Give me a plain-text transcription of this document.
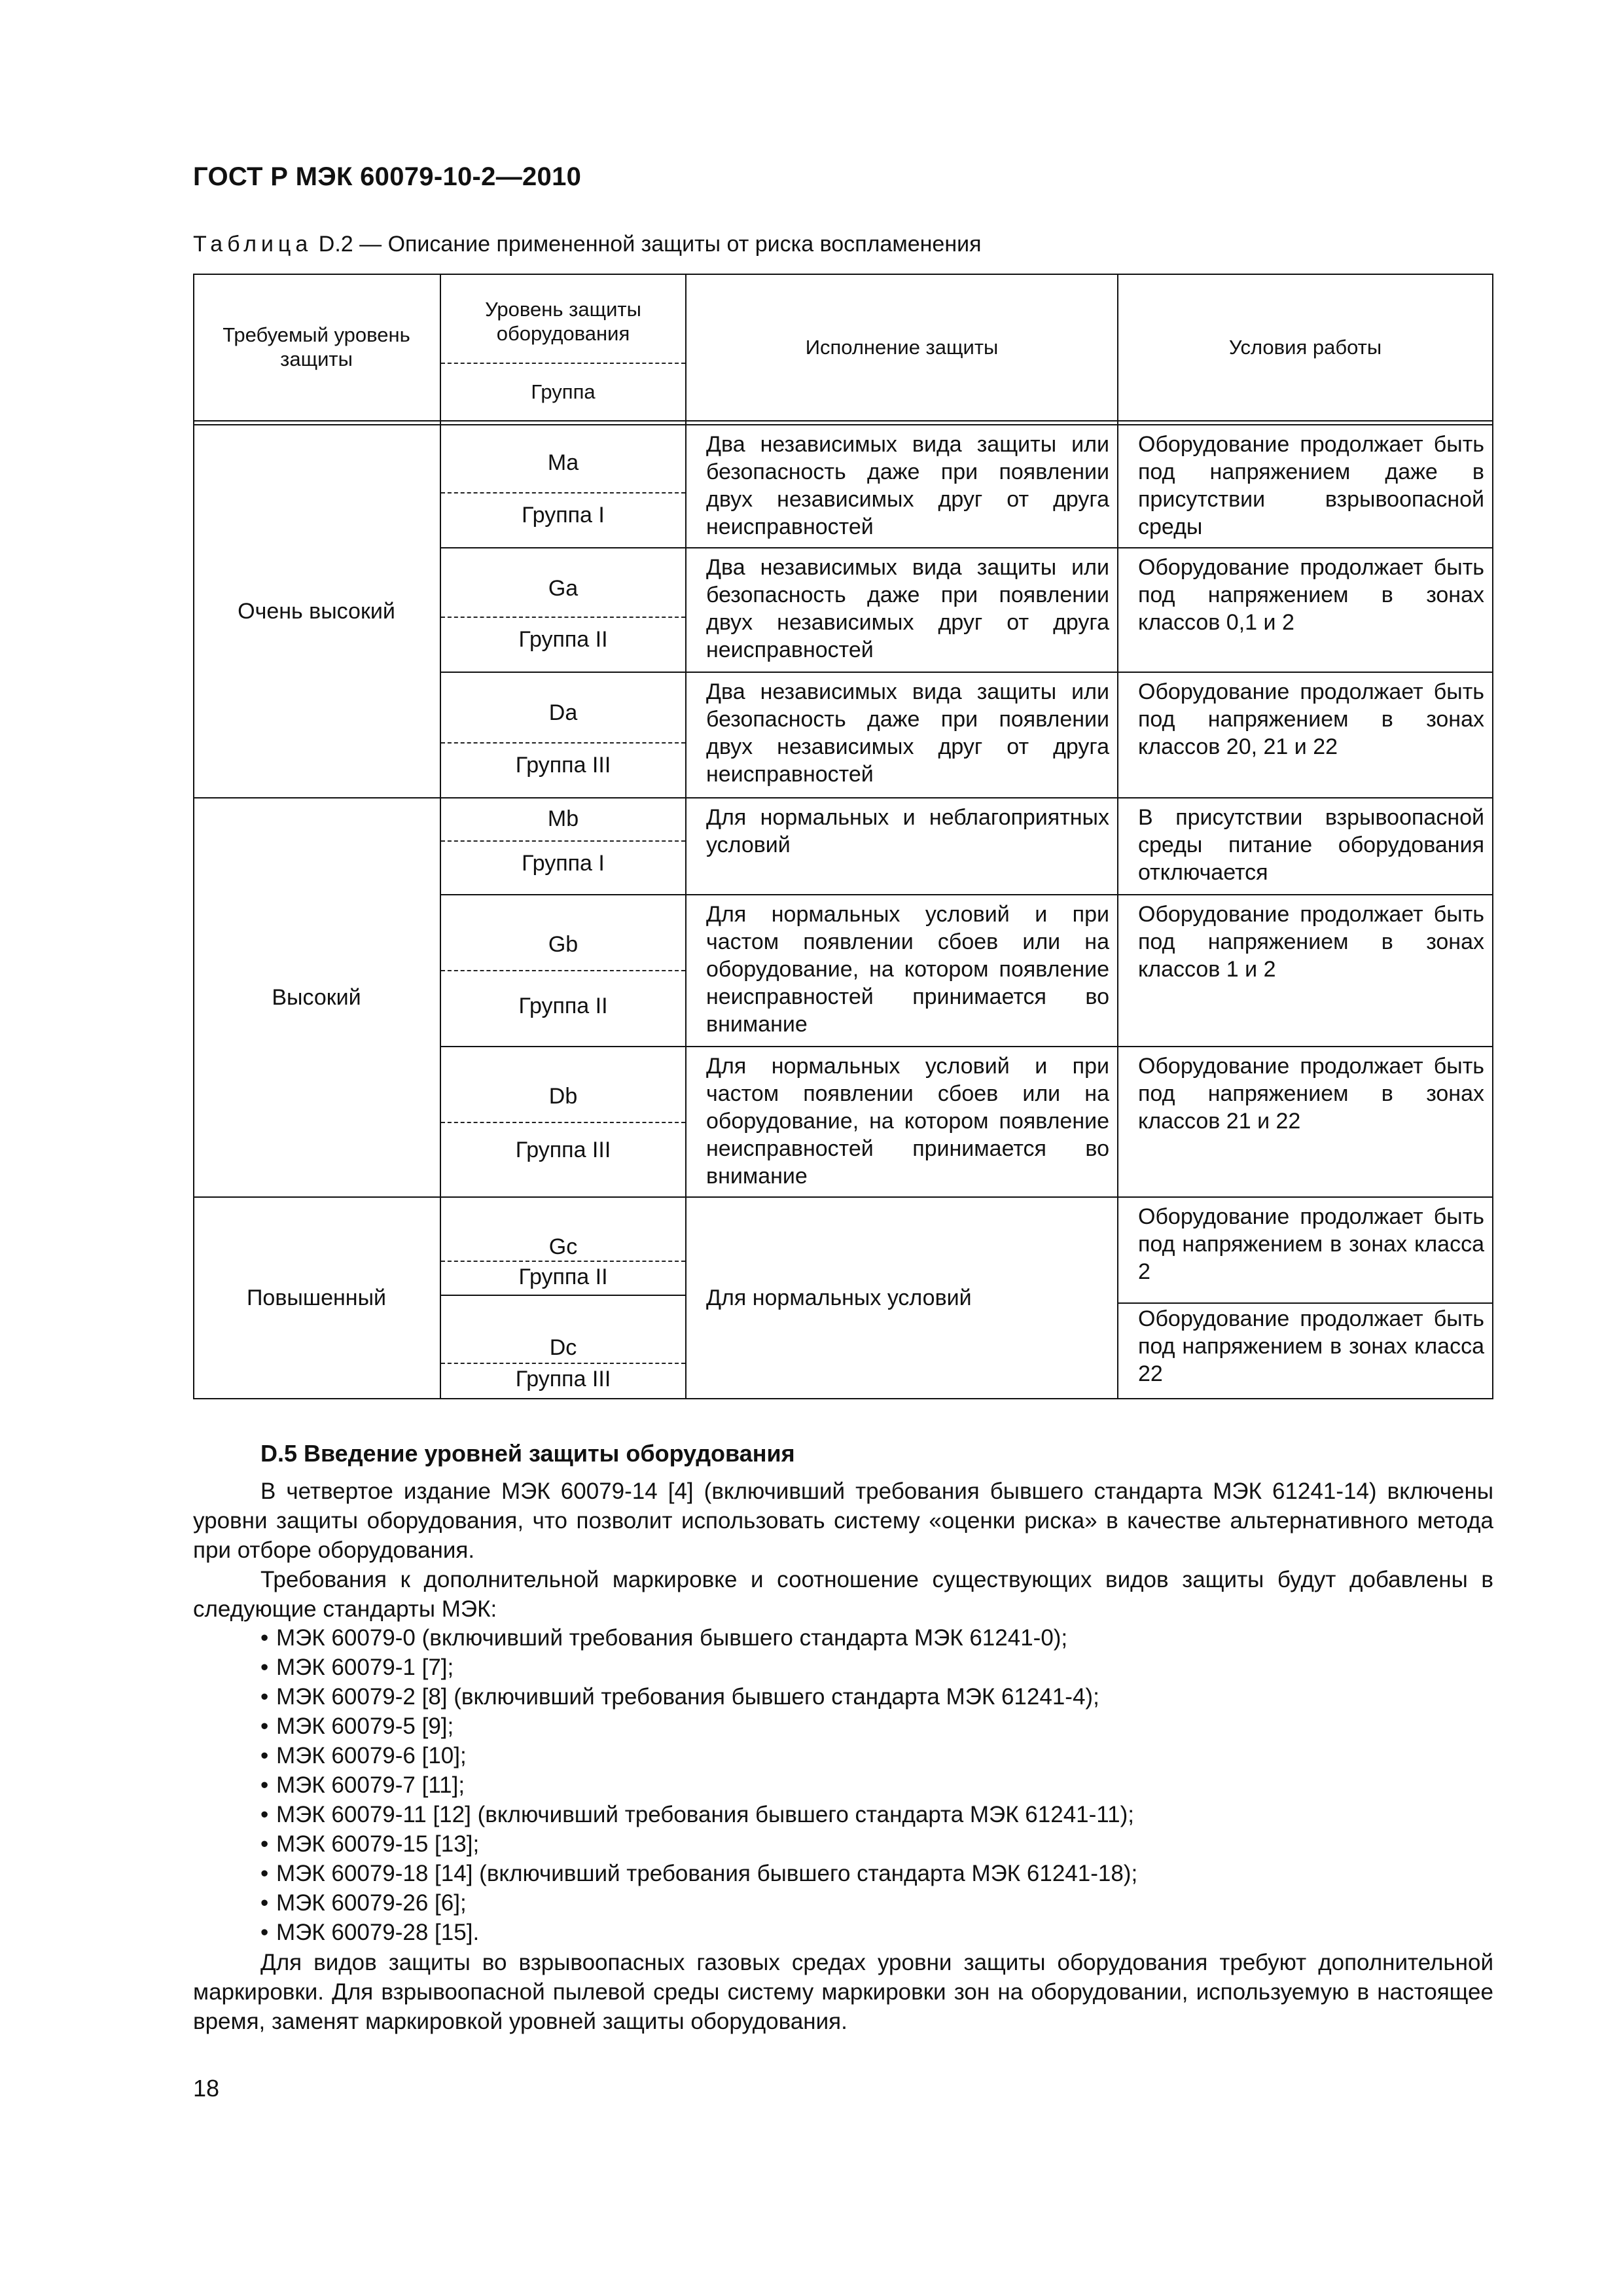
ГОСТ Р МЭК 60079-10-2—2010
Таблица D.2 — Описание примененной защиты от риска воспламенения
Требуемый уровень защиты
Уровень защиты оборудования
Группа
Исполнение защиты	Условия работы
Очень высокий
Ma
Группа I
Два независимых вида защиты или безопасность даже при появлении двух независимых друг от друга неисправностей
Оборудование продолжает быть под напряжением даже в присутствии взрывоопасной среды
Ga
Группа II
Два независимых вида защиты или безопасность даже при появлении двух независимых друг от друга неисправностей
Оборудование продолжает быть под напряжением в зонах классов 0,1 и 2
Da
Группа III
Два независимых вида защиты или безопасность даже при появлении двух независимых друг от друга неисправностей
Оборудование продолжает быть под напряжением в зонах классов 20, 21 и 22
Высокий
Mb
Группа I
Для нормальных и неблагоприятных условий
В присутствии взрывоопасной среды питание оборудования отключается
Gb
Группа II
Для нормальных условий и при частом появлении сбоев или на оборудование, на котором появление неисправностей принимается во внимание
Оборудование продолжает быть под напряжением в зонах классов 1 и 2
Db
Группа III
Для нормальных условий и при частом появлении сбоев или на оборудование, на котором появление неисправностей принимается во внимание
Оборудование продолжает быть под напряжением в зонах классов 21 и 22
Повышенный	Для нормальных условий
Gc
Группа II
Оборудование продолжает быть под напряжением в зонах класса 2
Dc
Группа III
Оборудование продолжает быть под напряжением в зонах класса 22
D.5 Введение уровней защиты оборудования

В четвертое издание МЭК 60079-14 [4] (включивший требования бывшего стандарта МЭК 61241-14) включены уровни защиты оборудования, что позволит использовать систему «оценки риска» в качестве альтернативного метода при отборе оборудования.

Требования к дополнительной маркировке и соотношение существующих видов защиты будут добавлены в следующие стандарты МЭК:

• МЭК 60079-0 (включивший требования бывшего стандарта МЭК 61241-0);
• МЭК 60079-1 [7];
• МЭК 60079-2 [8] (включивший требования бывшего стандарта МЭК 61241-4);
• МЭК 60079-5 [9];
• МЭК 60079-6 [10];
• МЭК 60079-7 [11];
• МЭК 60079-11 [12] (включивший требования бывшего стандарта МЭК 61241-11);
• МЭК 60079-15 [13];
• МЭК 60079-18 [14] (включивший требования бывшего стандарта МЭК 61241-18);
• МЭК 60079-26 [6];
• МЭК 60079-28 [15].

Для видов защиты во взрывоопасных газовых средах уровни защиты оборудования требуют дополнительной маркировки. Для взрывоопасной пылевой среды систему маркировки зон на оборудовании, используемую в настоящее время, заменят маркировкой уровней защиты оборудования.

18
